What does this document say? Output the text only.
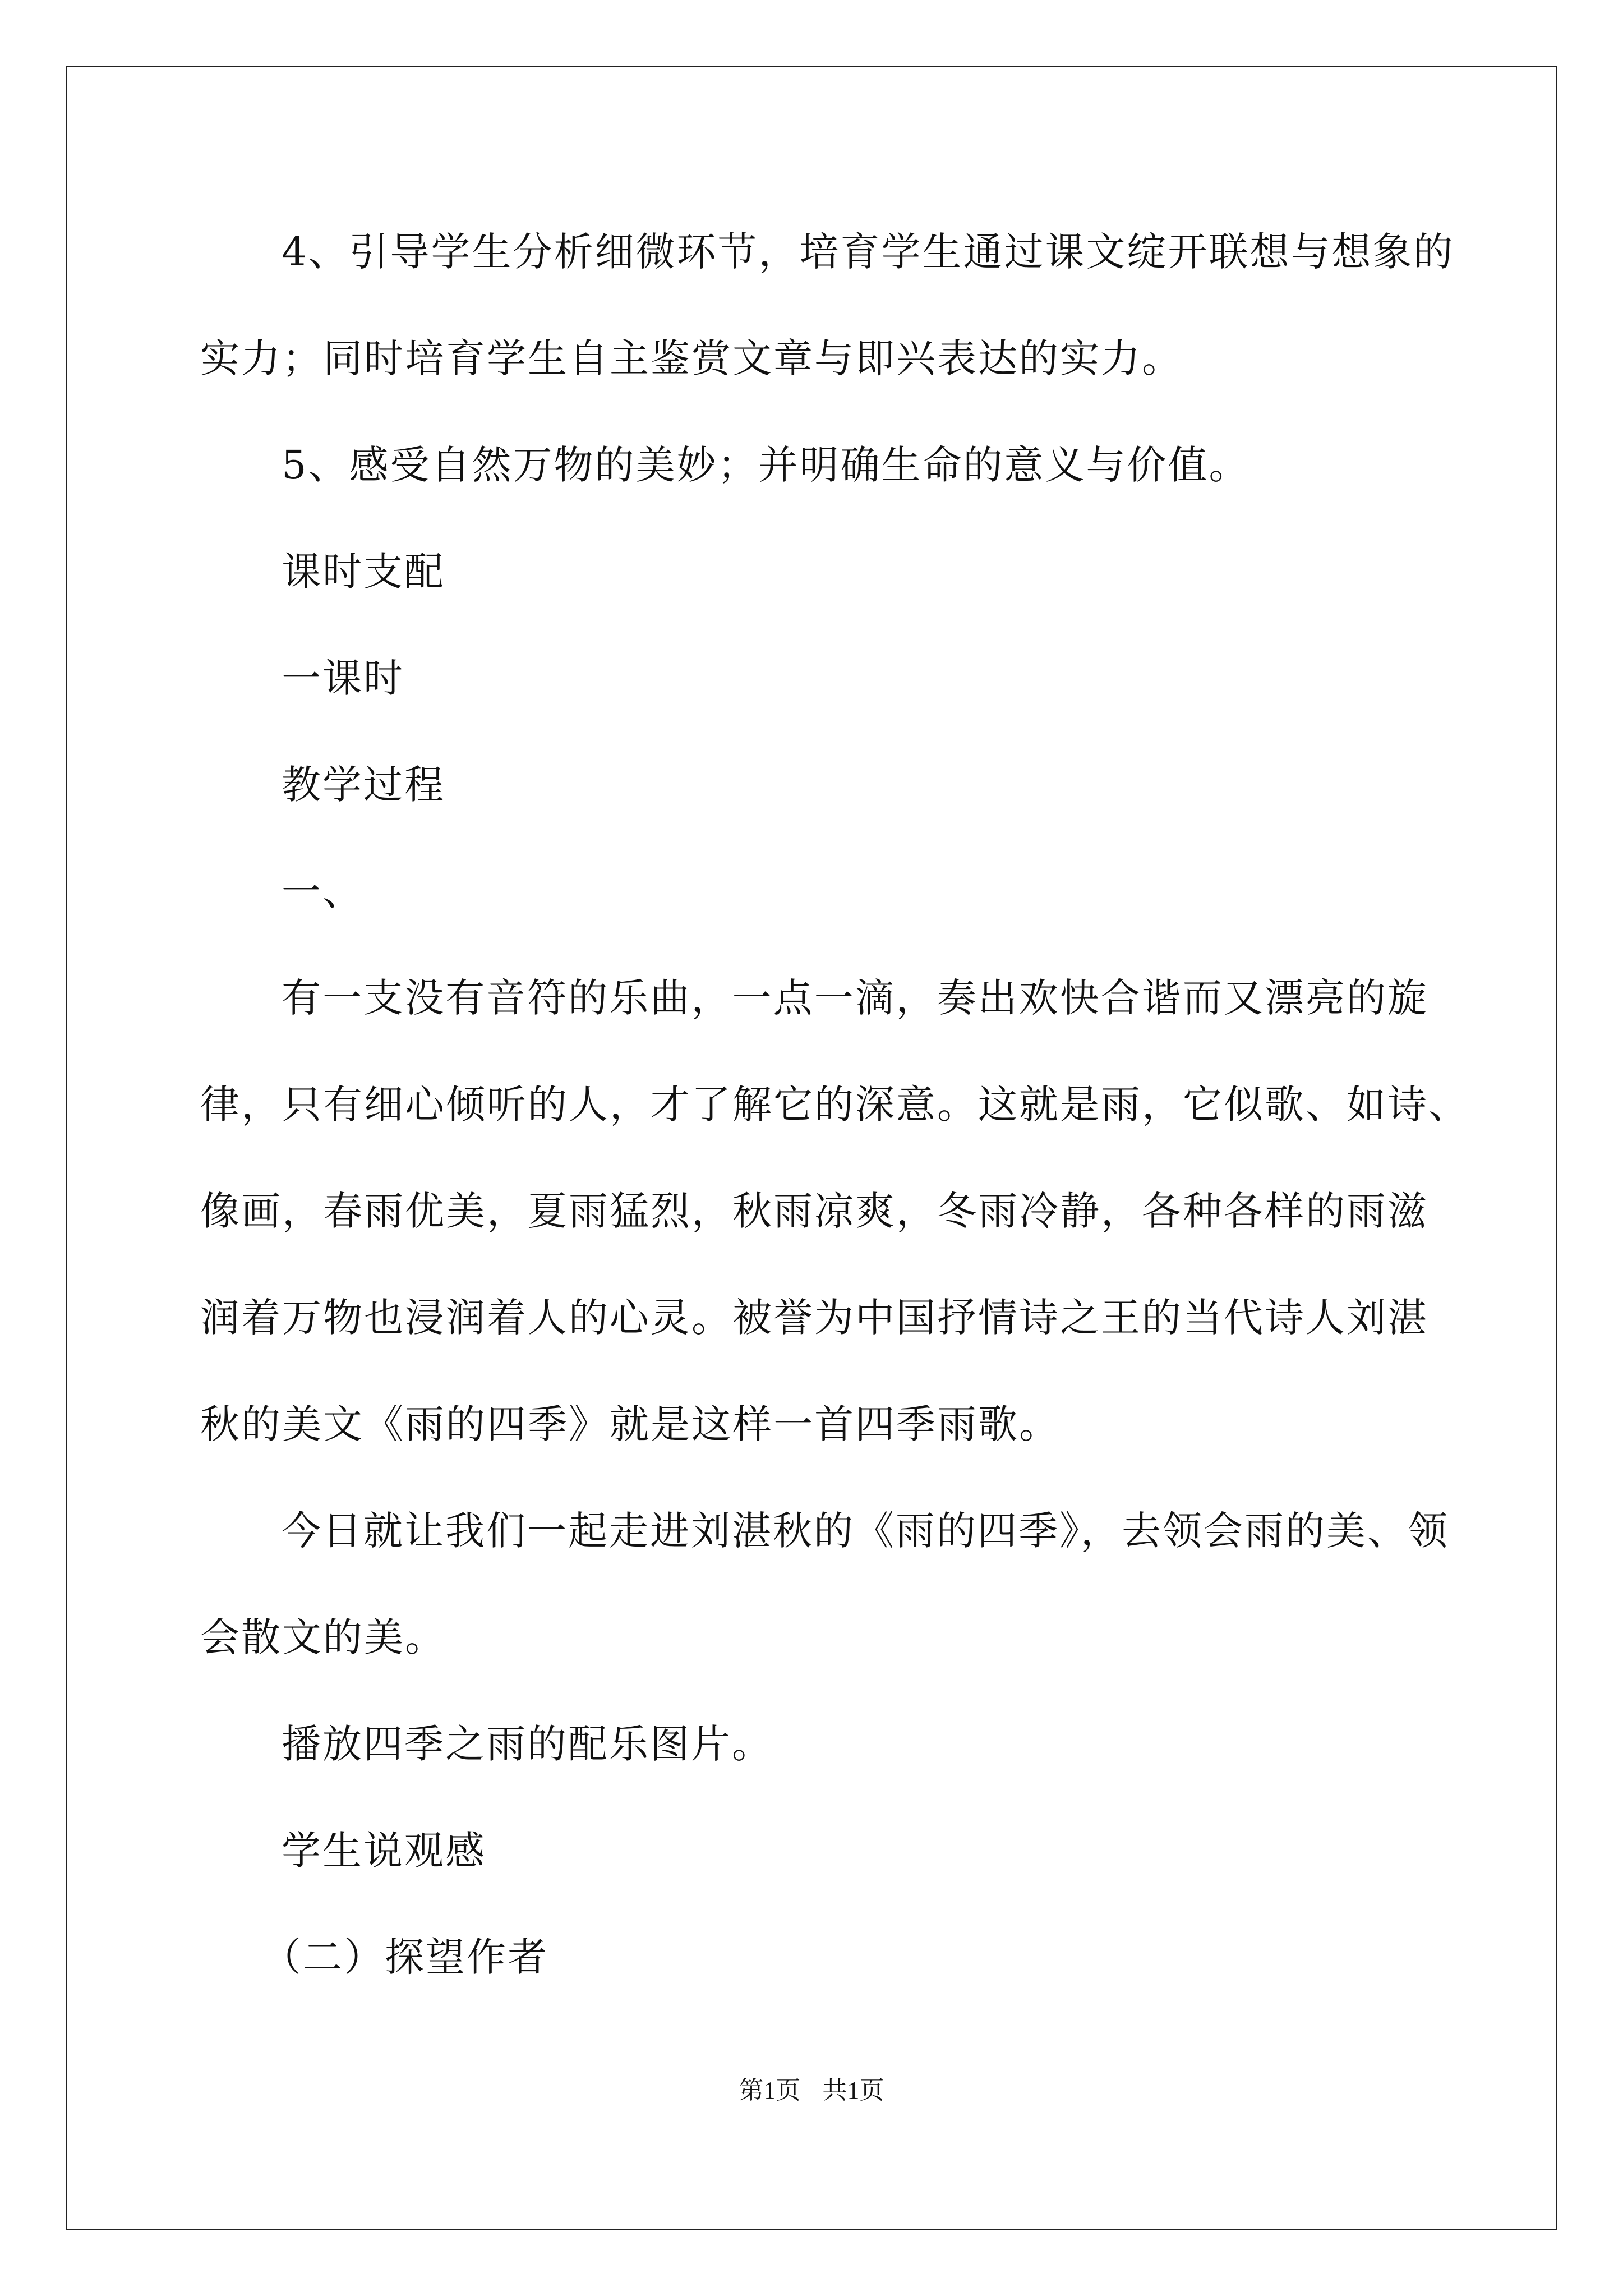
4、引导学生分析细微环节，培育学生通过课文绽开联想与想象的
实力；同时培育学生自主鉴赏文章与即兴表达的实力。
5、感受自然万物的美妙；并明确生命的意义与价值。
课时支配
一课时
教学过程
一、
有一支没有音符的乐曲，一点一滴，奏出欢快合谐而又漂亮的旋
律，只有细心倾听的人，才了解它的深意。这就是雨，它似歌、如诗、
像画，春雨优美，夏雨猛烈，秋雨凉爽，冬雨冷静，各种各样的雨滋
润着万物也浸润着人的心灵。被誉为中国抒情诗之王的当代诗人刘湛
秋的美文《雨的四季》就是这样一首四季雨歌。
今日就让我们一起走进刘湛秋的《雨的四季》，去领会雨的美、领
会散文的美。
播放四季之雨的配乐图片。
学生说观感
（二）探望作者
第1页 共1页
